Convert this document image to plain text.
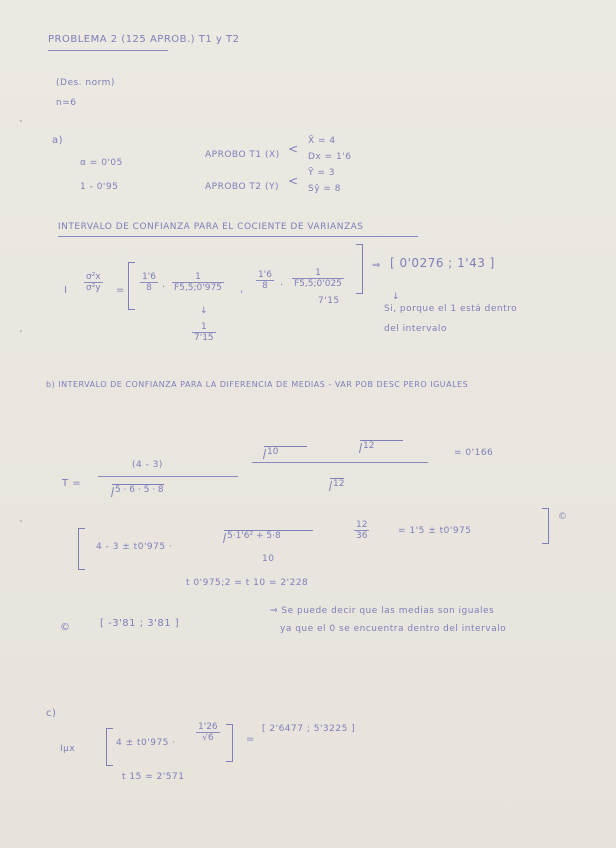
PROBLEMA 2 (125 APROB.) T1 y T2
(Des. norm)
n=6
a)
α = 0'05
1 - 0'95
APROBO T1 (X) <
X̄ = 4
Dx = 1'6
APROBO T2 (Y) <
Ȳ = 3
Sŷ = 8
INTERVALO DE CONFIANZA PARA EL COCIENTE DE VARIANZAS
I $\frac{\text{σ²x}}{\text{σ²y}} = \frac{1'6}{8} \cdot \frac{1}{F5,5;0'975}$ , $\frac{1'6}{8} \cdot \frac{1}{F5,5;0'025}$
⇒ [ 0'0276 ; 1'43 ]
↓
$\frac{1}{7'15}$
7'15	↓
Si, porque el 1 está dentro
del intervalo
b) INTERVALO DE CONFIANZA PARA LA DIFERENCIA DE MEDIAS - VAR POB DESC PERO IGUALES
T =
(4 - 3)
5 · 6 · 5 · 8
10
12
12
= 0'166
4 - 3 ± t0'975 ·
5·1'6² + 5·8
10
$\frac{12}{36}$	= 1'5 ± t0'975
©
t 0'975;2 = t 10 = 2'228
©	[ -3'81 ; 3'81 ]
⇒ Se puede decir que las medias son iguales
ya que el 0 se encuentra dentro del intervalo
c)
Iμx
$4 \pm t0'975 \cdot \frac{1'26}{√6}$	=
[ 2'6477 ; 5'3225 ]
t 15 = 2'571
